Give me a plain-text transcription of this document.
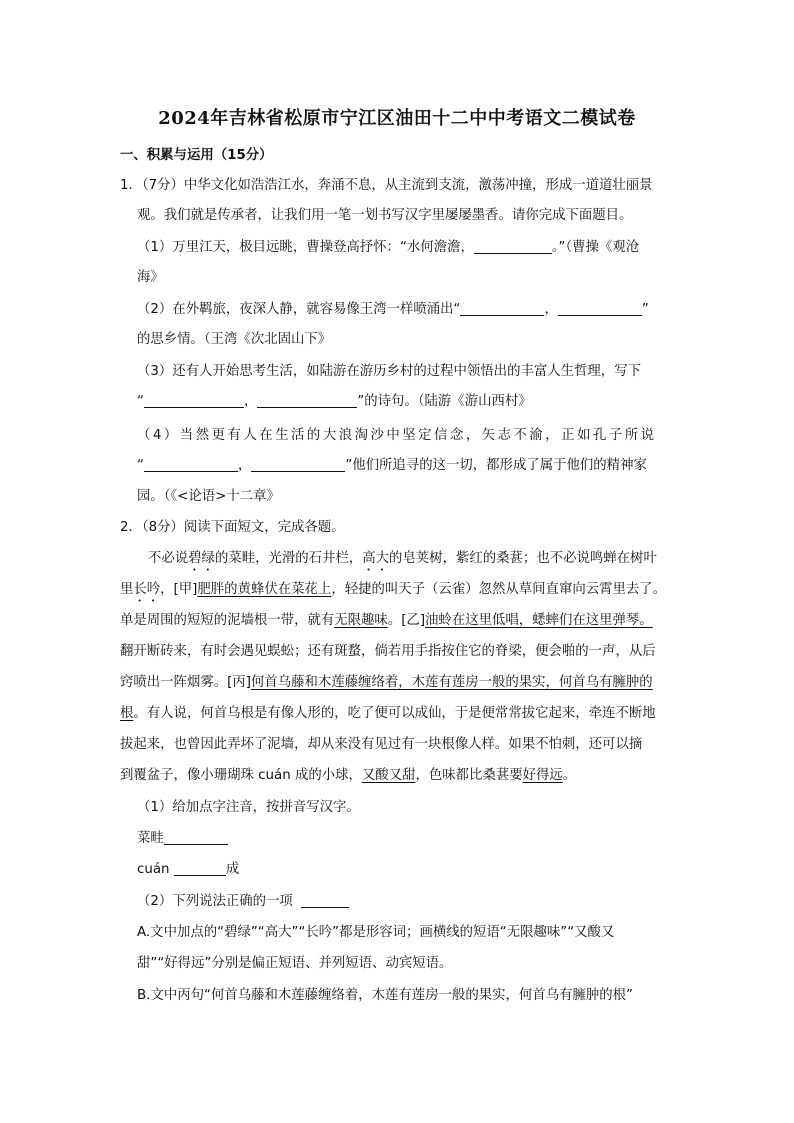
2024年吉林省松原市宁江区油田十二中中考语文二模试卷
一、积累与运用（15分）
1．（7分）中华文化如浩浩江水，奔涌不息，从主流到支流，激荡冲撞，形成一道道壮丽景
观。我们就是传承者，让我们用一笔一划书写汉字里屡屡墨香。请你完成下面题目。
（1）万里江天，极目远眺，曹操登高抒怀：“水何澹澹，	。”（曹操《观沧
海》
（2）在外羁旅，夜深人静，就容易像王湾一样喷涌出“	，	”
的思乡情。（王湾《次北固山下》
（3）还有人开始思考生活，如陆游在游历乡村的过程中领悟出的丰富人生哲理，写下
“	，	”的诗句。（陆游《游山西村》
（4）当然更有人在生活的大浪淘沙中坚定信念，矢志不渝，正如孔子所说
“	，	”他们所追寻的这一切，都形成了属于他们的精神家
园。（《<论语>十二章》
2．（8分）阅读下面短文，完成各题。
不必说碧绿的菜畦，光滑的石井栏，高大的皂荚树，紫红的桑葚；也不必说鸣蝉在树叶
里长吟，[甲]肥胖的黄蜂伏在菜花上，轻捷的叫天子（云雀）忽然从草间直窜向云霄里去了。
单是周围的短短的泥墙根一带，就有无限趣味。[乙]油蛉在这里低唱，蟋蟀们在这里弹琴。
翻开断砖来，有时会遇见蜈蚣；还有斑蝥，倘若用手指按住它的脊梁，便会啪的一声，从后
窍喷出一阵烟雾。[丙]何首乌藤和木莲藤缠络着，木莲有莲房一般的果实，何首乌有臃肿的
根。有人说，何首乌根是有像人形的，吃了便可以成仙，于是便常常拔它起来，牵连不断地
拔起来，也曾因此弄坏了泥墙，却从来没有见过有一块根像人样。如果不怕刺，还可以摘
到覆盆子，像小珊瑚珠 cuán 成的小球，又酸又甜，色味都比桑葚要好得远。
（1）给加点字注音，按拼音写汉字。
菜畦
cuán	成
（2）下列说法正确的一项
A.文中加点的“碧绿”“高大”“长吟”都是形容词；画横线的短语“无限趣味”“又酸又
甜”“好得远”分别是偏正短语、并列短语、动宾短语。
B.文中丙句“何首乌藤和木莲藤缠络着，木莲有莲房一般的果实，何首乌有臃肿的根”
